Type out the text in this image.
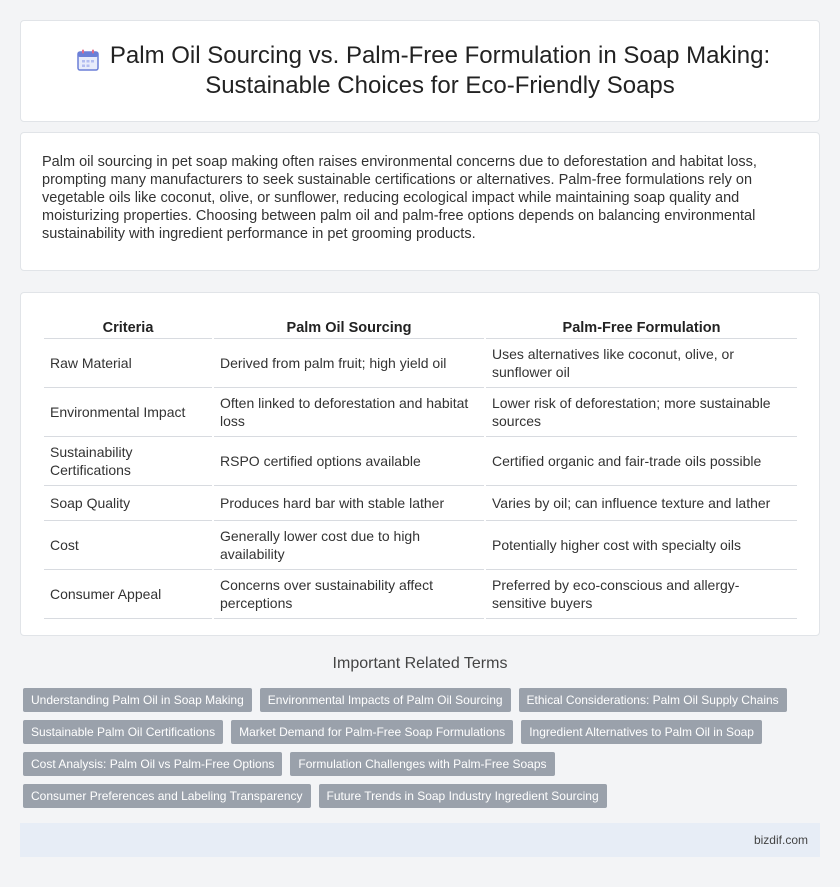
Palm Oil Sourcing vs. Palm-Free Formulation in Soap Making: Sustainable Choices for Eco-Friendly Soaps

Palm oil sourcing in pet soap making often raises environmental concerns due to deforestation and habitat loss, prompting many manufacturers to seek sustainable certifications or alternatives. Palm-free formulations rely on vegetable oils like coconut, olive, or sunflower, reducing ecological impact while maintaining soap quality and moisturizing properties. Choosing between palm oil and palm-free options depends on balancing environmental sustainability with ingredient performance in pet grooming products.

Criteria	Palm Oil Sourcing	Palm-Free Formulation
Raw Material	Derived from palm fruit; high yield oil	Uses alternatives like coconut, olive, or sunflower oil
Environmental Impact	Often linked to deforestation and habitat loss	Lower risk of deforestation; more sustainable sources
Sustainability Certifications	RSPO certified options available	Certified organic and fair-trade oils possible
Soap Quality	Produces hard bar with stable lather	Varies by oil; can influence texture and lather
Cost	Generally lower cost due to high availability	Potentially higher cost with specialty oils
Consumer Appeal	Concerns over sustainability affect perceptions	Preferred by eco-conscious and allergy-sensitive buyers
Important Related Terms
Understanding Palm Oil in Soap Making	Environmental Impacts of Palm Oil Sourcing	Ethical Considerations: Palm Oil Supply Chains
Sustainable Palm Oil Certifications	Market Demand for Palm-Free Soap Formulations	Ingredient Alternatives to Palm Oil in Soap
Cost Analysis: Palm Oil vs Palm-Free Options	Formulation Challenges with Palm-Free Soaps
Consumer Preferences and Labeling Transparency	Future Trends in Soap Industry Ingredient Sourcing
bizdif.com
